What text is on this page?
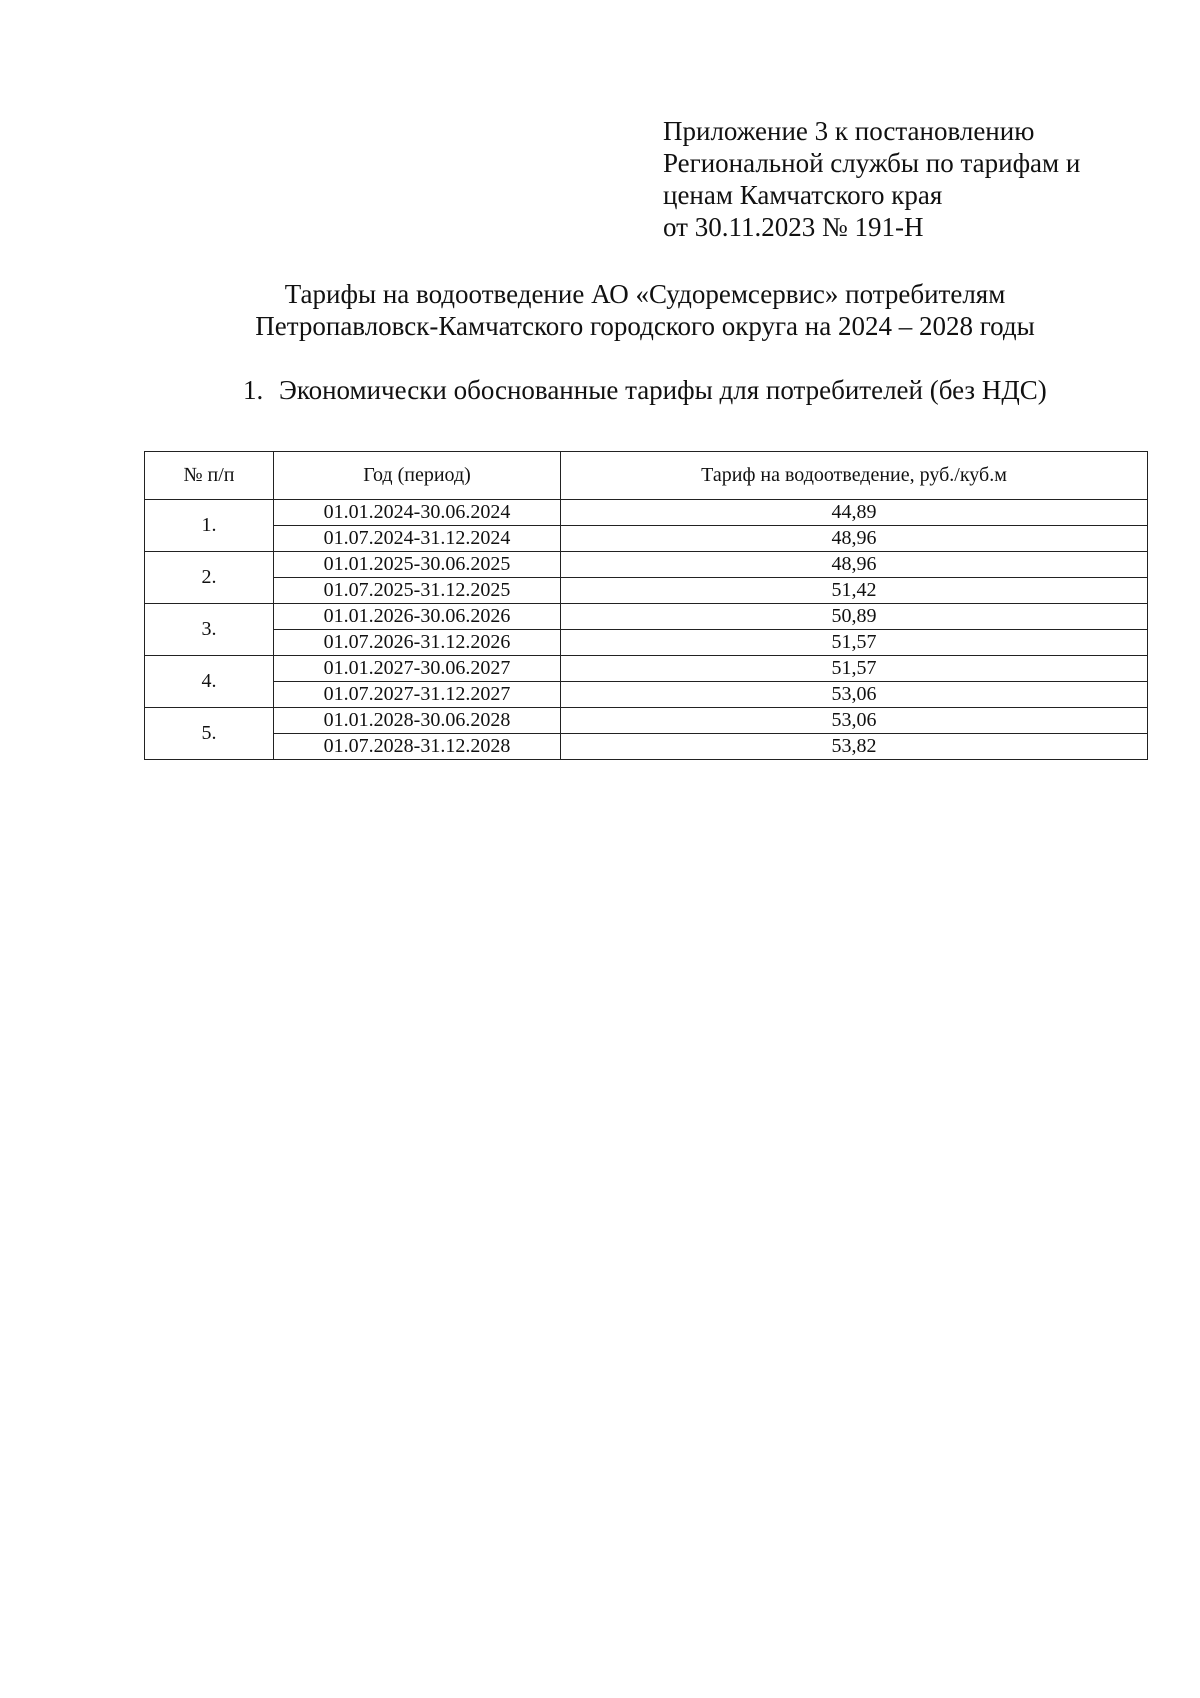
Приложение 3 к постановлению
Региональной службы по тарифам и
ценам Камчатского края
от 30.11.2023 № 191-Н
Тарифы на водоотведение АО «Судоремсервис» потребителям
Петропавловск-Камчатского городского округа на 2024 – 2028 годы
1. Экономически обоснованные тарифы для потребителей (без НДС)
№ п/п	Год (период)	Тариф на водоотведение, руб./куб.м
1.	01.01.2024-30.06.2024	44,89
	01.07.2024-31.12.2024	48,96
2.	01.01.2025-30.06.2025	48,96
	01.07.2025-31.12.2025	51,42
3.	01.01.2026-30.06.2026	50,89
	01.07.2026-31.12.2026	51,57
4.	01.01.2027-30.06.2027	51,57
	01.07.2027-31.12.2027	53,06
5.	01.01.2028-30.06.2028	53,06
	01.07.2028-31.12.2028	53,82
